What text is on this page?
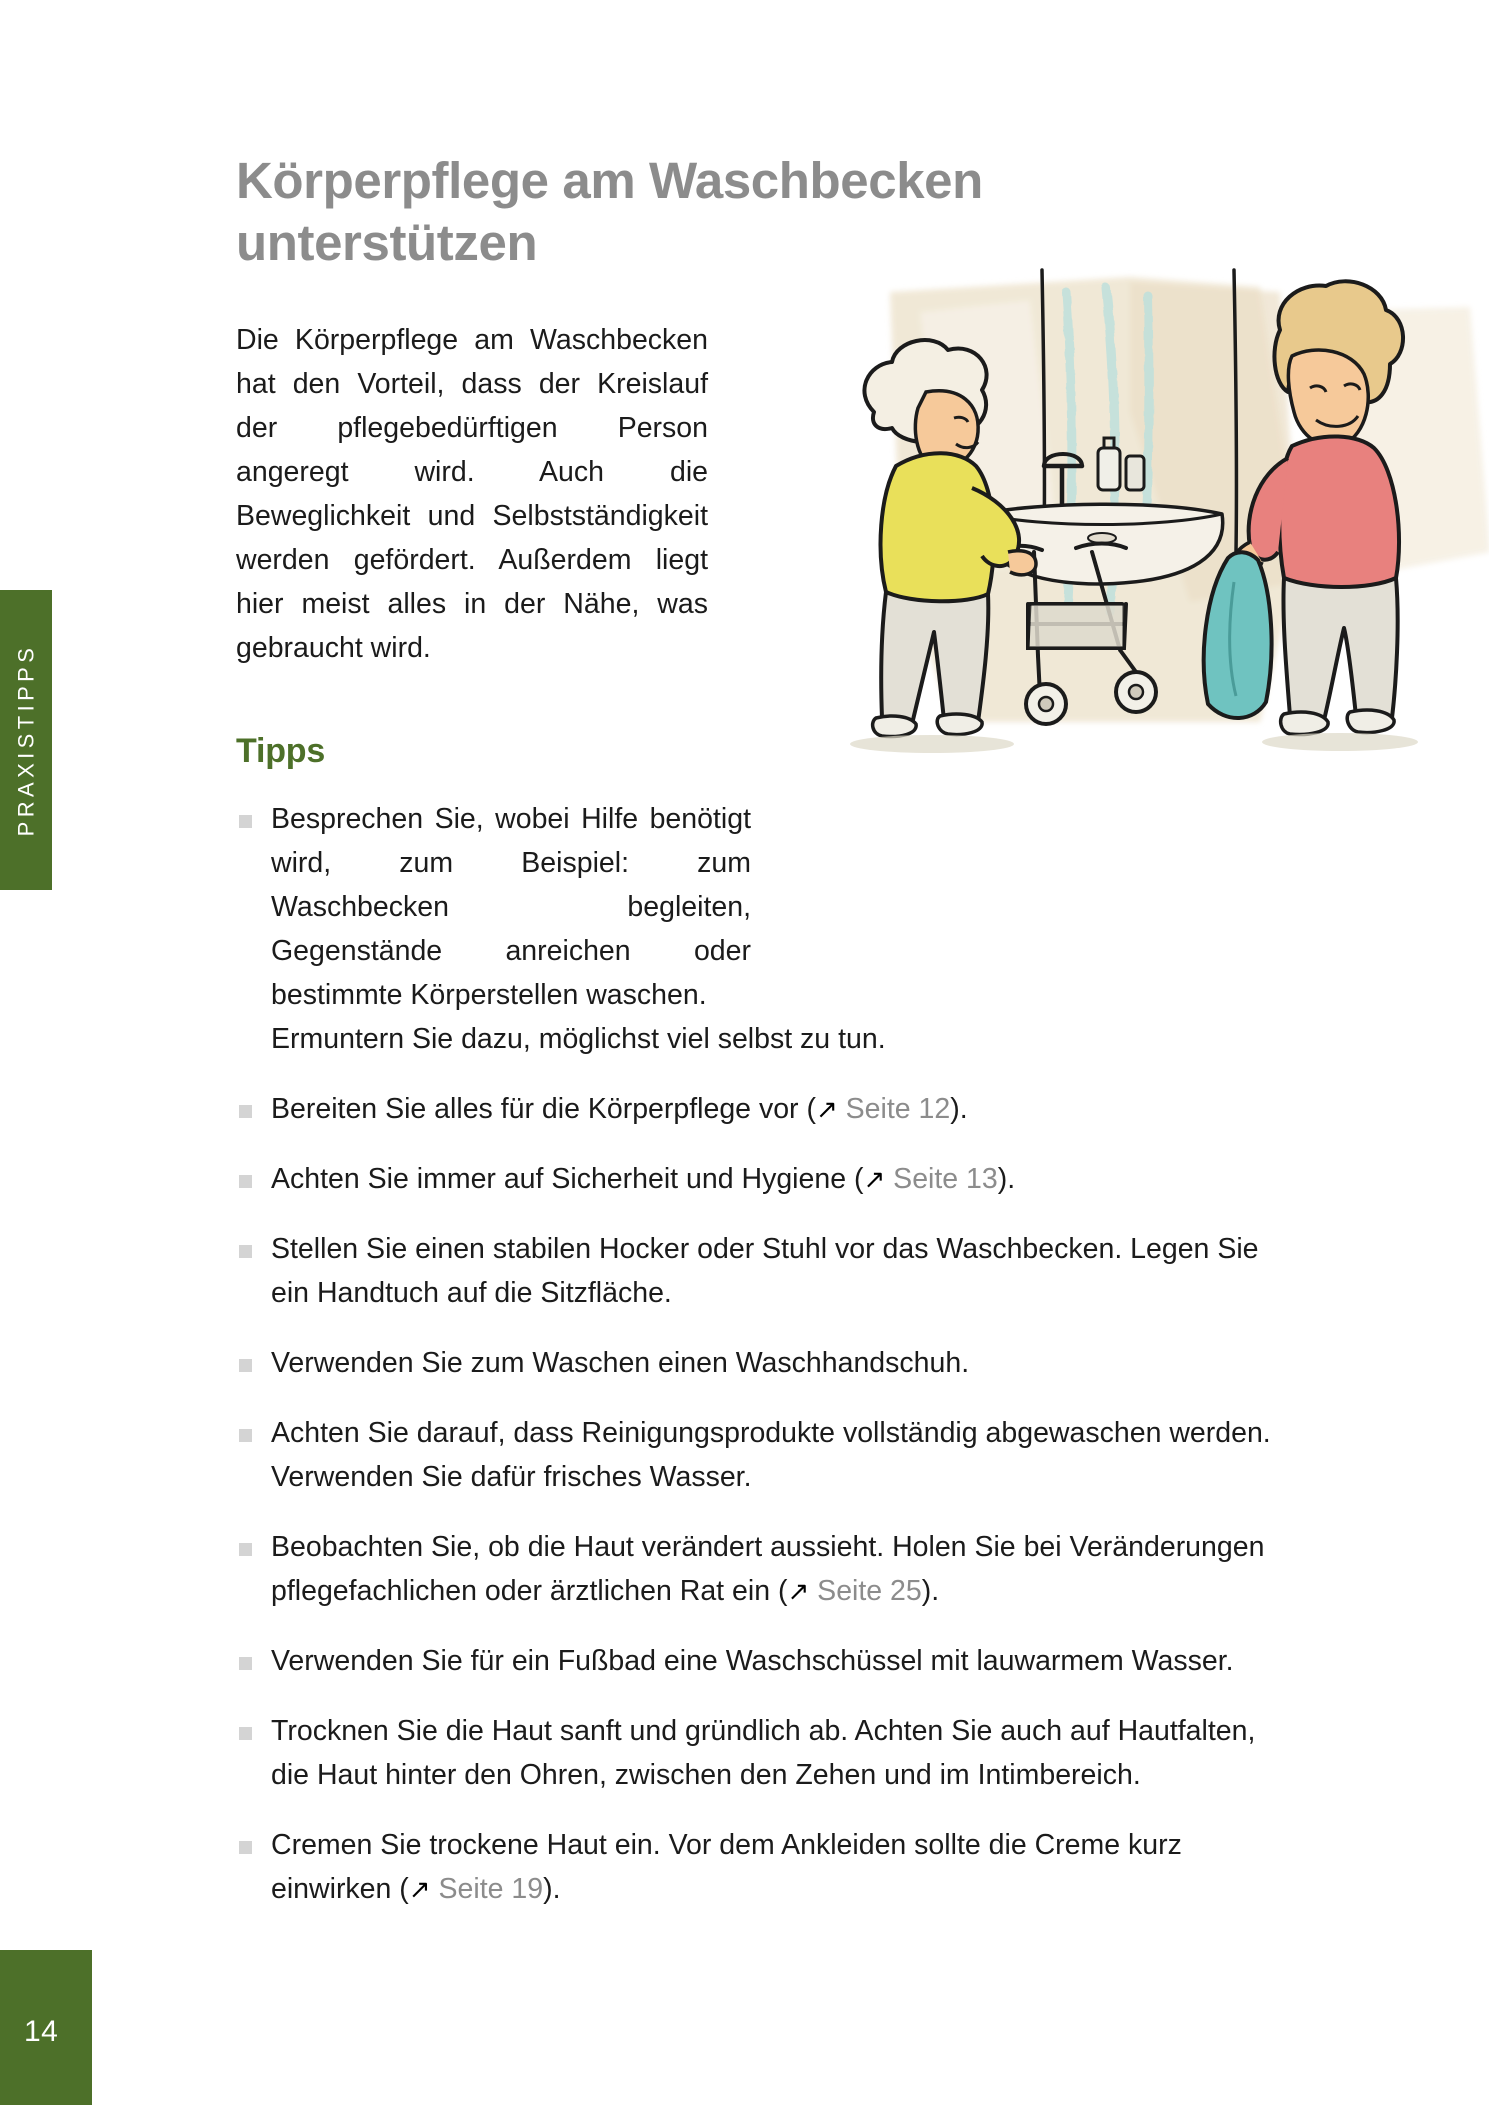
PRAXISTIPPS
14
Körperpflege am Waschbecken unterstützen

Die Körperpflege am Waschbecken hat den Vorteil, dass der Kreislauf der pflegebedürftigen Person angeregt wird. Auch die Beweglichkeit und Selbstständigkeit werden gefördert. Außerdem liegt hier meist alles in der Nähe, was gebraucht wird.

Tipps
Besprechen Sie, wobei Hilfe benötigt wird, zum Beispiel: zum Waschbecken begleiten, Gegenstände anreichen oder bestimmte Körperstellen waschen.
Ermuntern Sie dazu, möglichst viel selbst zu tun.
Bereiten Sie alles für die Körperpflege vor (↗ Seite 12).
Achten Sie immer auf Sicherheit und Hygiene (↗ Seite 13).
Stellen Sie einen stabilen Hocker oder Stuhl vor das Waschbecken. Legen Sie ein Handtuch auf die Sitzfläche.
Verwenden Sie zum Waschen einen Waschhandschuh.
Achten Sie darauf, dass Reinigungsprodukte vollständig abgewaschen werden. Verwenden Sie dafür frisches Wasser.
Beobachten Sie, ob die Haut verändert aussieht. Holen Sie bei Veränderungen pflegefachlichen oder ärztlichen Rat ein (↗ Seite 25).
Verwenden Sie für ein Fußbad eine Waschschüssel mit lauwarmem Wasser.
Trocknen Sie die Haut sanft und gründlich ab. Achten Sie auch auf Hautfalten, die Haut hinter den Ohren, zwischen den Zehen und im Intimbereich.
Cremen Sie trockene Haut ein. Vor dem Ankleiden sollte die Creme kurz einwirken (↗ Seite 19).
